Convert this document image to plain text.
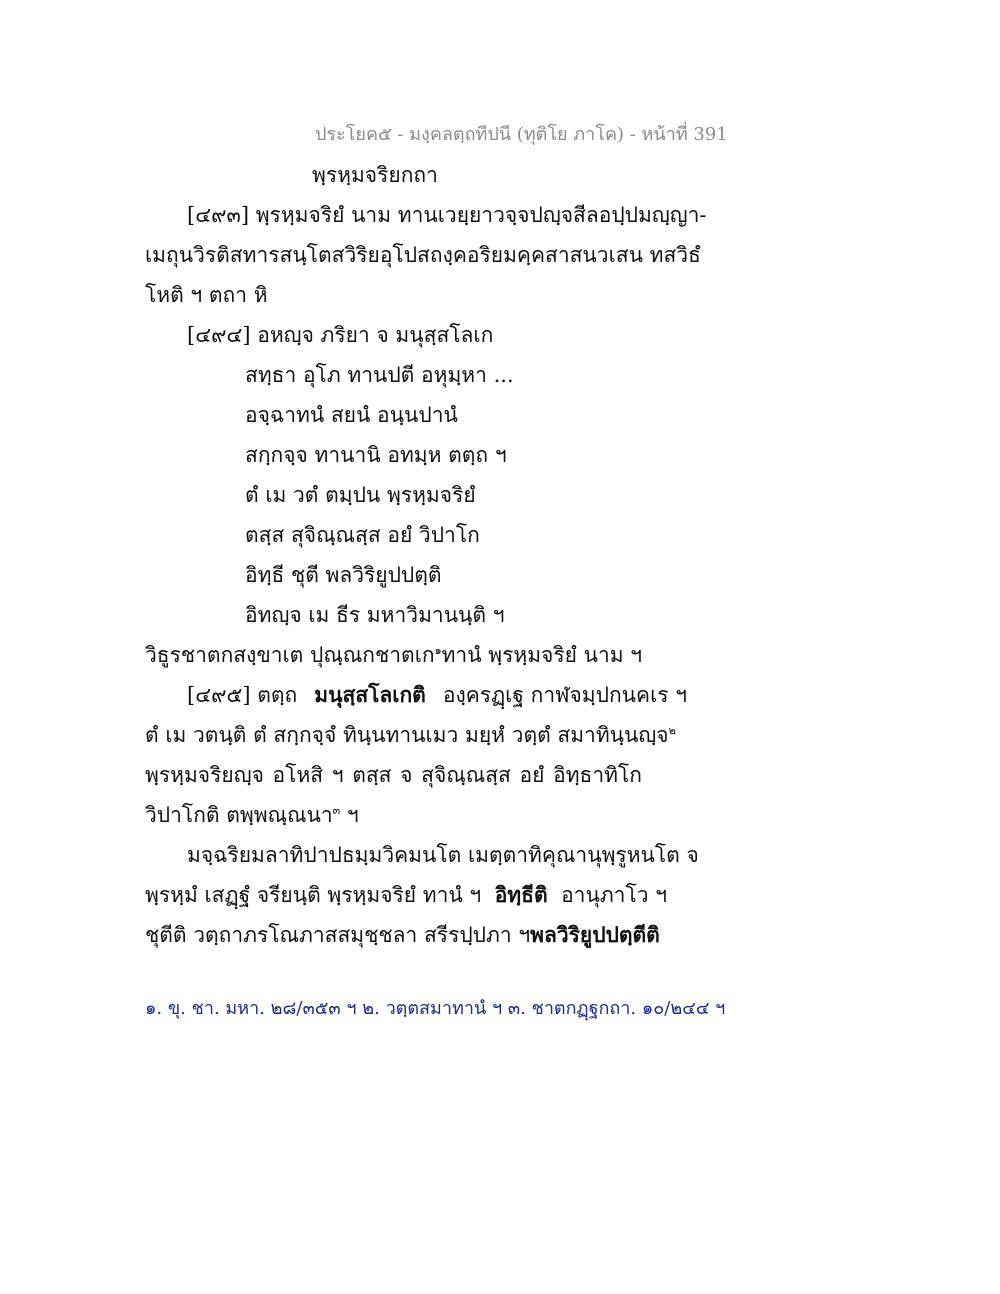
ประโยค๕ - มงฺคลตฺถทีปนี (ทุติโย ภาโค) - หน้าที่ 391
พฺรหฺมจริยกถา
[๔๙๓] พฺรหฺมจริยํ นาม ทานเวยฺยาวจฺจปญฺจสีลอปฺปมญฺญา-
เมถุนวิรติสทารสนฺโตสวิริยอุโปสถงฺคอริยมคฺคสาสนวเสน ทสวิธํ
โหติ ฯ ตถา หิ
[๔๙๔] อหญฺจ ภริยา จ มนุสฺสโลเก
สทฺธา อุโภ ทานปตี อหุมฺหา ...
อจฺฉาทนํ สยนํ อนฺนปานํ
สกฺกจฺจ ทานานิ อทมฺห ตตฺถ ฯ
ตํ เม วตํ ตมฺปน พฺรหฺมจริยํ
ตสฺส สุจิณฺณสฺส อยํ วิปาโก
อิทฺธี ชุตี พลวิริยูปปตฺติ
อิทญฺจ เม ธีร มหาวิมานนฺติ ฯ
วิธูรชาตกสงฺขาเต ปุณฺณกชาตเก$^๑$ทานํ พฺรหฺมจริยํ นาม ฯ
[๔๙๕] ตตฺถ มนุสฺสโลเกติ องฺครฏฺเฐ กาฬจมฺปกนคเร ฯ
ตํ เม วตนฺติ ตํ สกฺกจฺจํ ทินฺนทานเมว มยฺหํ วตฺตํ สมาทินฺนญฺจ$^๒$
พฺรหฺมจริยญฺจ อโหสิ ฯ ตสฺส จ สุจิณฺณสฺส อยํ อิทฺธาทิโก
วิปาโกติ ตพฺพณฺณนา$^๓$ ฯ
มจฺฉริยมลาทิปาปธมฺมวิคมนโต เมตฺตาทิคุณานุพฺรูหนโต จ
พฺรหฺมํ เสฏฺฐํ จรียนฺติ พฺรหฺมจริยํ ทานํ ฯ อิทฺธีติ อานุภาโว ฯ
ชุตีติ วตฺถาภรโณภาสสมุชฺชลา สรีรปฺปภา ฯ พลวิริยูปปตฺตีติ
๑. ขุ. ชา. มหา. ๒๘/๓๕๓ ฯ ๒. วตฺตสมาทานํ ฯ ๓. ชาตกฏฺฐกถา. ๑๐/๒๔๔ ฯ
